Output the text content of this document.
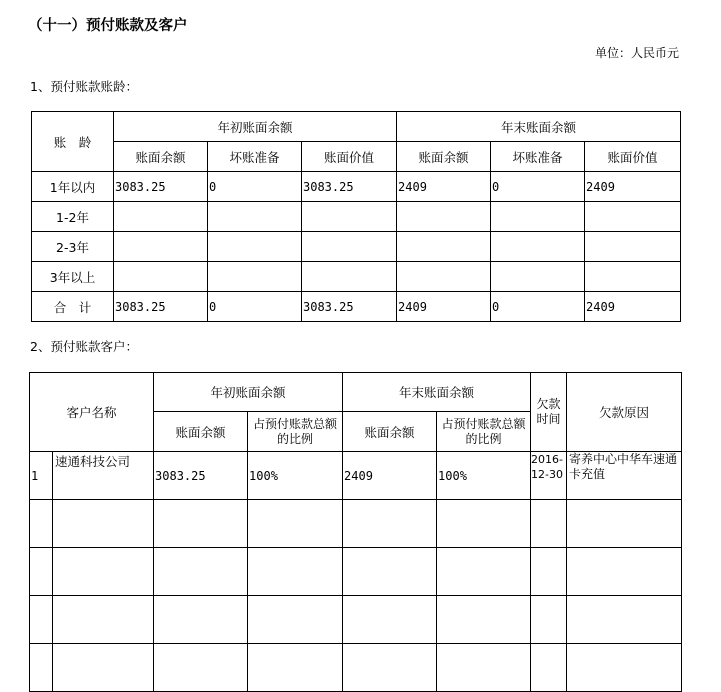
（十一）预付账款及客户
单位：人民币元
1、预付账款账龄：
账　龄	年初账面余额			年末账面余额		
	账面余额	坏账准备	账面价值	账面余额	坏账准备	账面价值
1年以内	3083.25	0	3083.25	2409	0	2409
1-2年						
2-3年						
3年以上						
合　计	3083.25	0	3083.25	2409	0	2409
2、预付账款客户：
客户名称		年初账面余额		年末账面余额		欠款时间	欠款原因
		账面余额	占预付账款总额的比例	账面余额	占预付账款总额的比例		
1	速通科技公司	3083.25	100%	2409	100%	2016-12-30	寄养中心中华车速通卡充值
